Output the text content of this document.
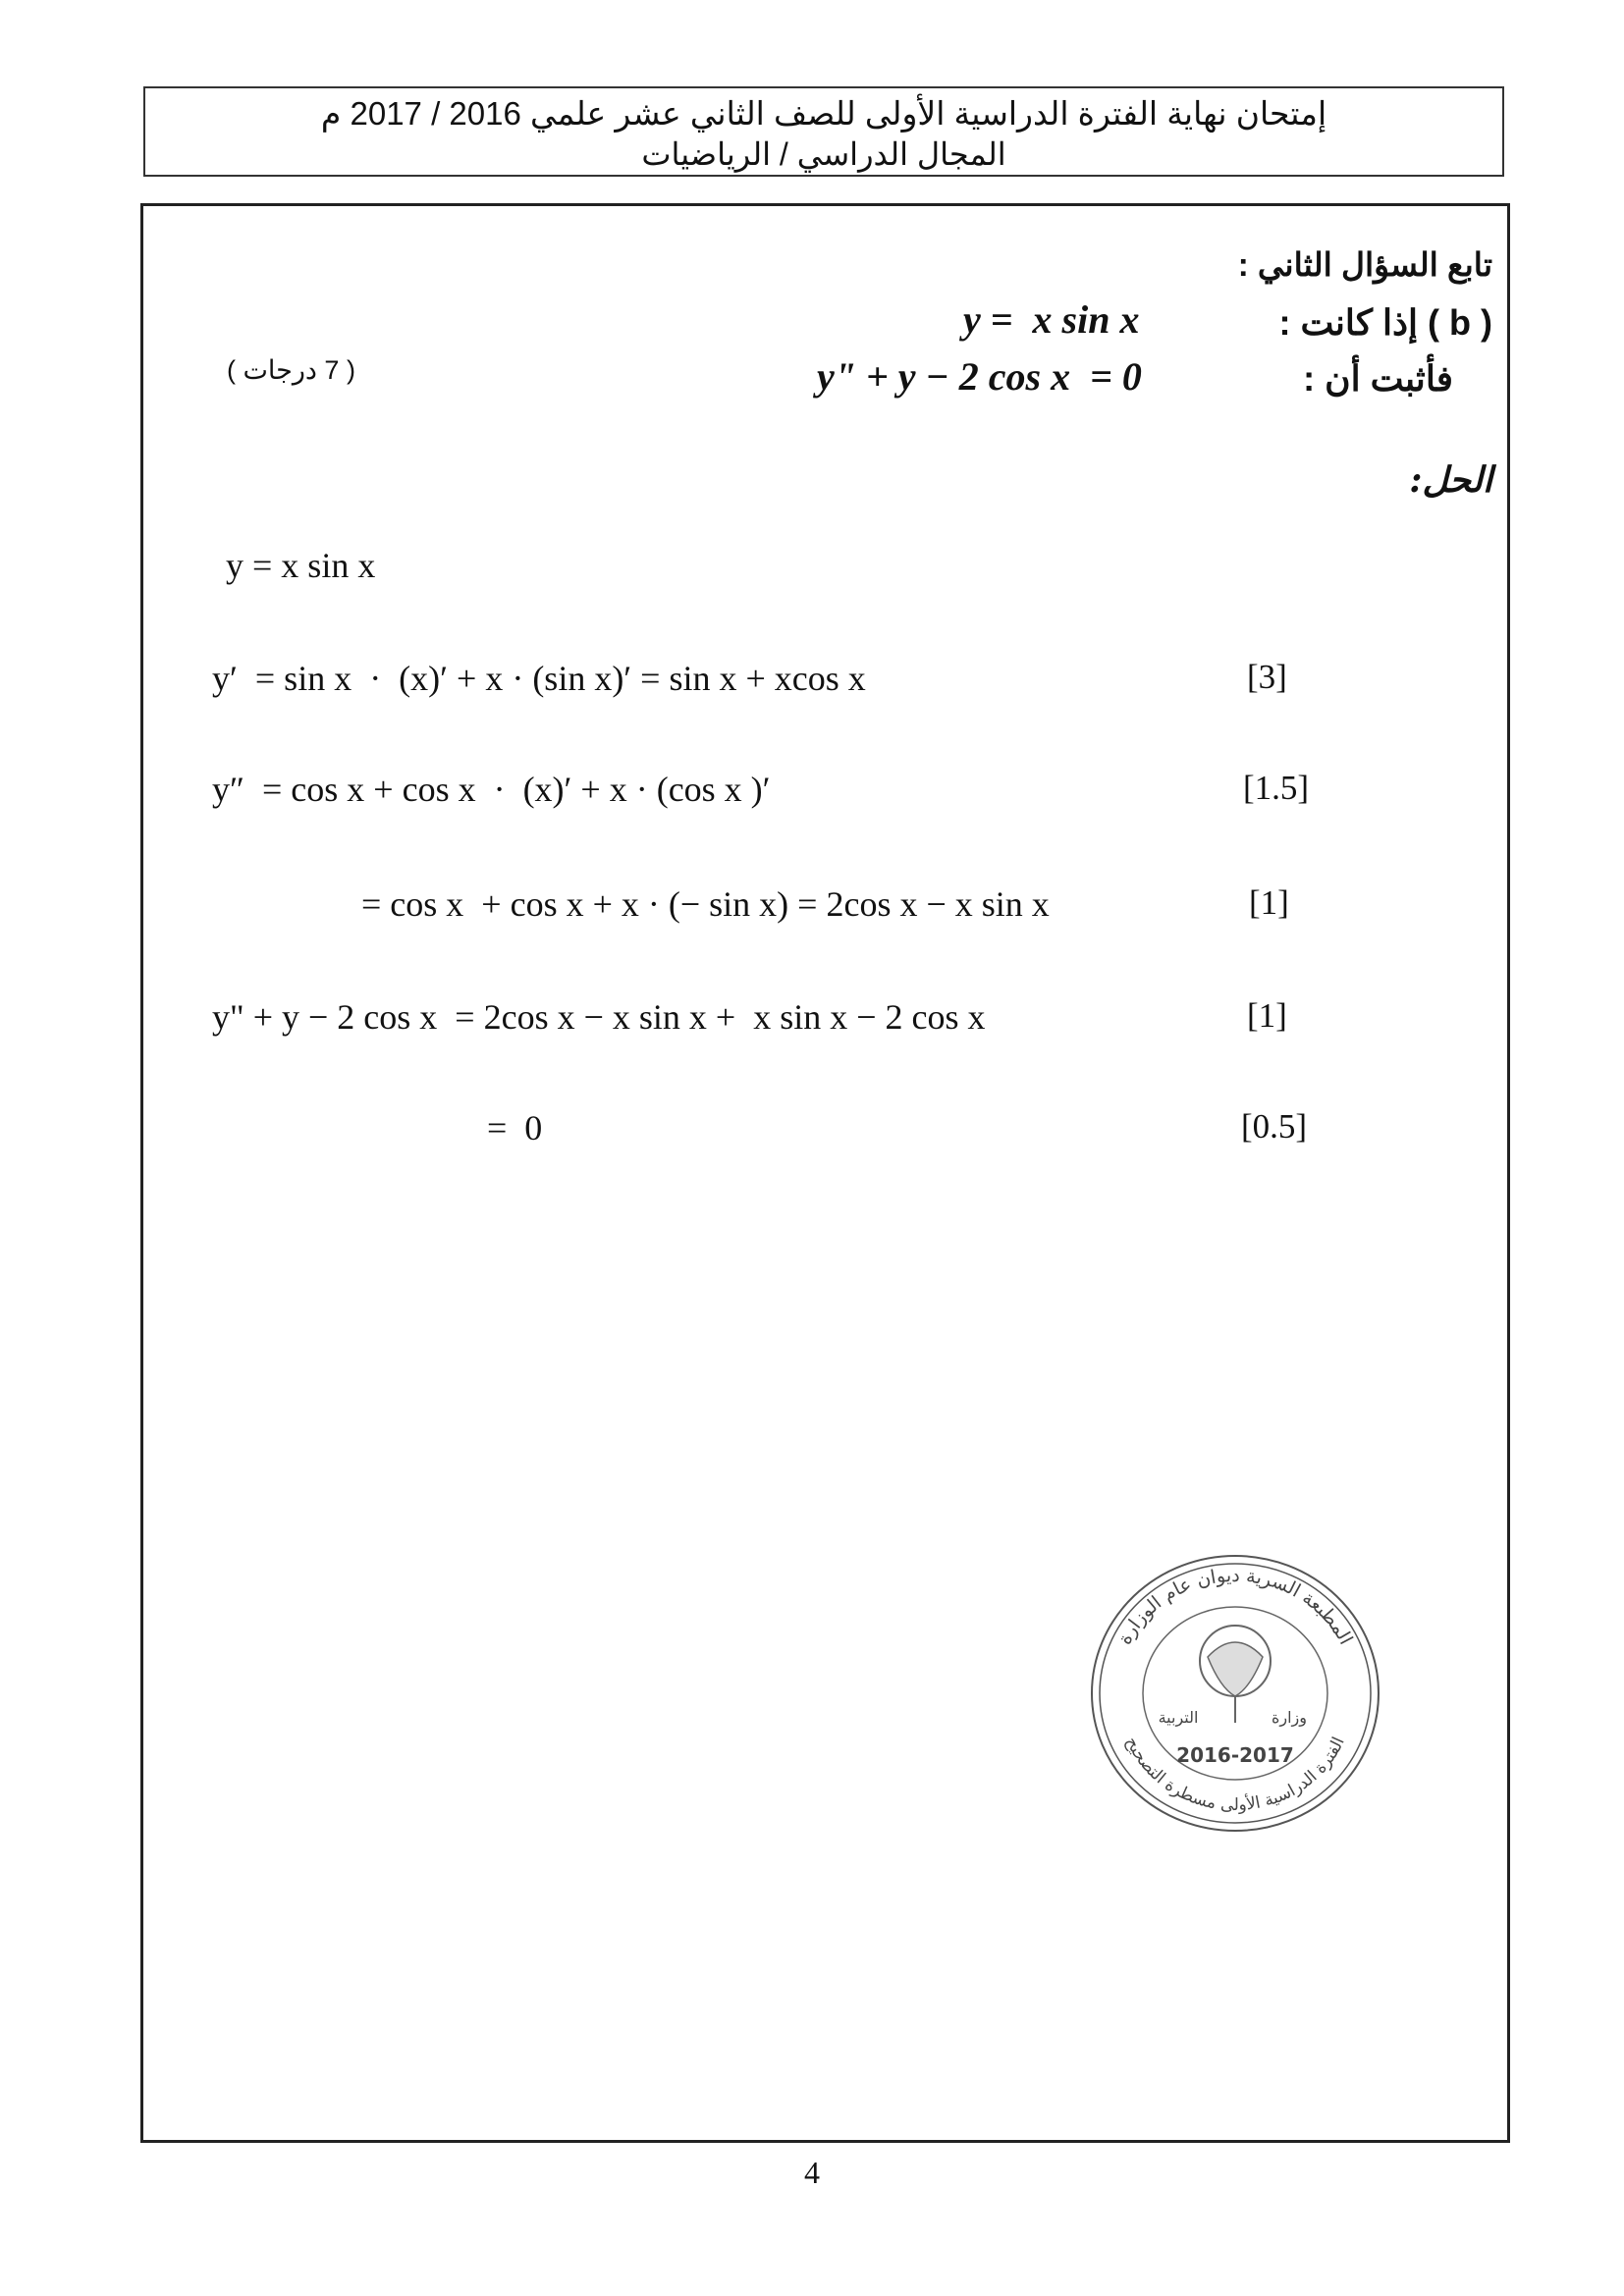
إمتحان نهاية الفترة الدراسية الأولى للصف الثاني عشر علمي 2016 / 2017 م
المجال الدراسي / الرياضيات
تابع السؤال الثاني :
( b ) إذا كانت :
y =  x sin x
فأثبت أن :
y" + y − 2 cos x  = 0
( 7 درجات )
الحل:
y = x sin x
y′  = sin x  ·  (x)′ + x · (sin x)′ = sin x + xcos x	[3]
y″  = cos x + cos x  ·  (x)′ + x · (cos x )′	[1.5]
= cos x  + cos x + x · (− sin x) = 2cos x − x sin x	[1]
y" + y − 2 cos x  = 2cos x − x sin x +  x sin x − 2 cos x	[1]
=  0	[0.5]
2016-2017
التربية	وزارة
المطبعة السرية ديوان عام الوزارة
الفترة الدراسية الأولى مسطرة التصحيح
4
